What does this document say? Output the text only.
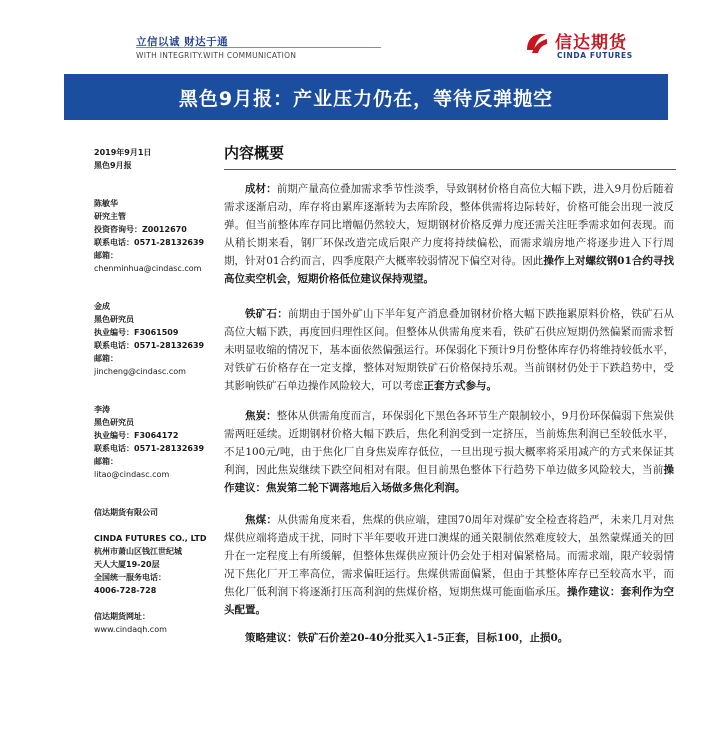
立信以诚 财达于通
WITH INTEGRITY.WITH COMMUNICATION
信达期货
CINDA FUTURES
黑色9月报：产业压力仍在，等待反弹抛空
2019年9月1日
黑色9月报
陈敏华
研究主管
投资咨询号：Z0012670
联系电话：0571-28132639
邮箱：
chenminhua@cindasc.com
金成
黑色研究员
执业编号：F3061509
联系电话：0571-28132639
邮箱：
jincheng@cindasc.com
李涛
黑色研究员
执业编号：F3064172
联系电话：0571-28132639
邮箱：
litao@cindasc.com
信达期货有限公司
CINDA FUTURES CO., LTD
杭州市萧山区钱江世纪城
天人大厦19-20层
全国统一服务电话：
4006-728-728
信达期货网址：
www.cindaqh.com
内容概要

成材：前期产量高位叠加需求季节性淡季，导致钢材价格自高位大幅下跌，进入9月份后随着需求逐渐启动，库存将由累库逐渐转为去库阶段，整体供需将边际转好，价格可能会出现一波反弹。但当前整体库存同比增幅仍然较大，短期钢材价格反弹力度还需关注旺季需求如何表现。而从稍长期来看，钢厂环保改造完成后限产力度将持续偏松，而需求端房地产将逐步进入下行周期，针对01合约而言，四季度限产大概率较弱情况下偏空对待。因此操作上对螺纹钢01合约寻找高位卖空机会，短期价格低位建议保持观望。

铁矿石：前期由于国外矿山下半年复产消息叠加钢材价格大幅下跌拖累原料价格，铁矿石从高位大幅下跌，再度回归理性区间。但整体从供需角度来看，铁矿石供应短期仍然偏紧而需求暂未明显收缩的情况下，基本面依然偏强运行。环保弱化下预计9月份整体库存仍将维持较低水平，对铁矿石价格存在一定支撑，整体对短期铁矿石价格保持乐观。当前钢材仍处于下跌趋势中，受其影响铁矿石单边操作风险较大，可以考虑正套方式参与。

焦炭：整体从供需角度而言，环保弱化下黑色各环节生产限制较小，9月份环保偏弱下焦炭供需两旺延续。近期钢材价格大幅下跌后，焦化利润受到一定挤压，当前炼焦利润已至较低水平，不足100元/吨，由于焦化厂自身焦炭库存低位，一旦出现亏损大概率将采用减产的方式来保证其利润，因此焦炭继续下跌空间相对有限。但目前黑色整体下行趋势下单边做多风险较大，当前操作建议：焦炭第二轮下调落地后入场做多焦化利润。

焦煤：从供需角度来看，焦煤的供应端，建国70周年对煤矿安全检查将趋严，未来几月对焦煤供应端将造成干扰，同时下半年要收开进口澳煤的通关限制依然难度较大，虽然蒙煤通关的回升在一定程度上有所缓解，但整体焦煤供应预计仍会处于相对偏紧格局。而需求端，限产较弱情况下焦化厂开工率高位，需求偏旺运行。焦煤供需面偏紧，但由于其整体库存已至较高水平，而焦化厂低利润下将逐渐打压高利润的焦煤价格，短期焦煤可能面临承压。操作建议：套利作为空头配置。

策略建议：铁矿石价差20-40分批买入1-5正套，目标100，止损0。
